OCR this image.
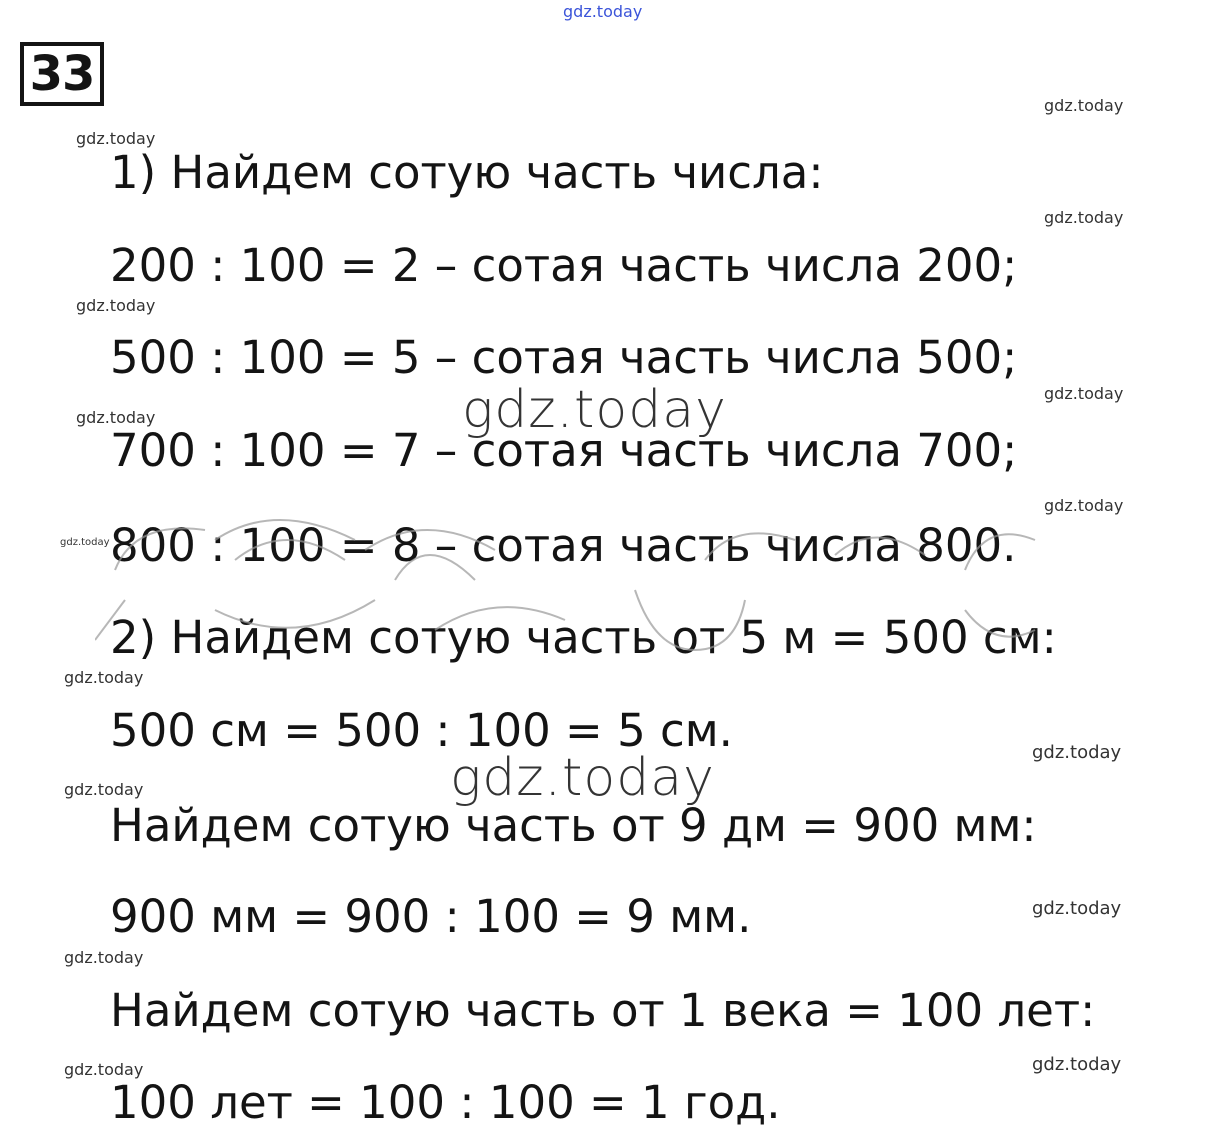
gdz.today
33
1) Найдем сотую часть числа:
200 : 100 = 2 – сотая часть числа 200;
500 : 100 = 5 – сотая часть числа 500;
700 : 100 = 7 – сотая часть числа 700;
800 : 100 = 8 – сотая часть числа 800.
2) Найдем сотую часть от 5 м = 500 см:
500 см = 500 : 100 = 5 см.
Найдем сотую часть от 9 дм = 900 мм:
900 мм = 900 : 100 = 9 мм.
Найдем сотую часть от 1 века = 100 лет:
100 лет = 100 : 100 = 1 год.
gdz.today
gdz.today
gdz.today
gdz.today
gdz.today
gdz.today
gdz.today
gdz.today
gdz.today
gdz.today
gdz.today
gdz.today
gdz.today
gdz.today
gdz.today
gdz.today
gdz.today
